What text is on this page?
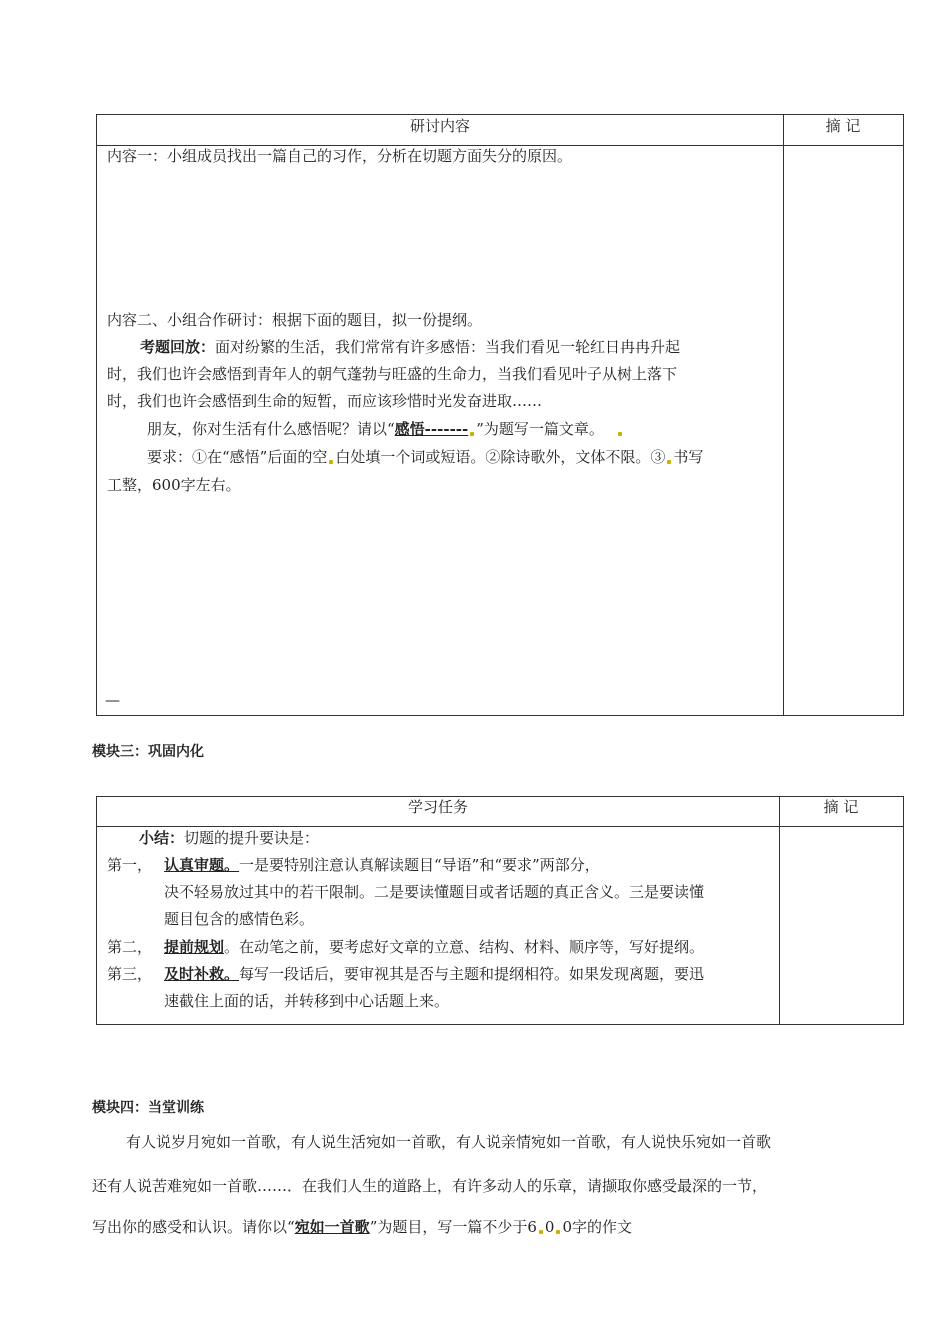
研讨内容	摘 记
内容一：小组成员找出一篇自己的习作，分析在切题方面失分的原因。
内容二、小组合作研讨：根据下面的题目，拟一份提纲。
考题回放：面对纷繁的生活，我们常常有许多感悟：当我们看见一轮红日冉冉升起
时，我们也许会感悟到青年人的朝气蓬勃与旺盛的生命力，当我们看见叶子从树上落下
时，我们也许会感悟到生命的短暂，而应该珍惜时光发奋进取……
朋友，你对生活有什么感悟呢？请以“感悟------- ”为题写一篇文章。
要求：①在“感悟”后面的空 白处填一个词或短语。②除诗歌外，文体不限。③ 书写
工整，600字左右。
—
模块三：巩固内化
学习任务	摘 记
小结：切题的提升要诀是：
第一， 认真审题。一是要特别注意认真解读题目“导语”和“要求”两部分，
决不轻易放过其中的若干限制。二是要读懂题目或者话题的真正含义。三是要读懂
题目包含的感情色彩。
第二， 提前规划。在动笔之前，要考虑好文章的立意、结构、材料、顺序等，写好提纲。
第三， 及时补救。每写一段话后，要审视其是否与主题和提纲相符。如果发现离题，要迅
速截住上面的话，并转移到中心话题上来。
模块四：当堂训练
有人说岁月宛如一首歌，有人说生活宛如一首歌，有人说亲情宛如一首歌，有人说快乐宛如一首歌
还有人说苦难宛如一首歌……．在我们人生的道路上，有许多动人的乐章，请撷取你感受最深的一节，
写出你的感受和认识。请你以“宛如一首歌”为题目，写一篇不少于6 0 0字的作文
